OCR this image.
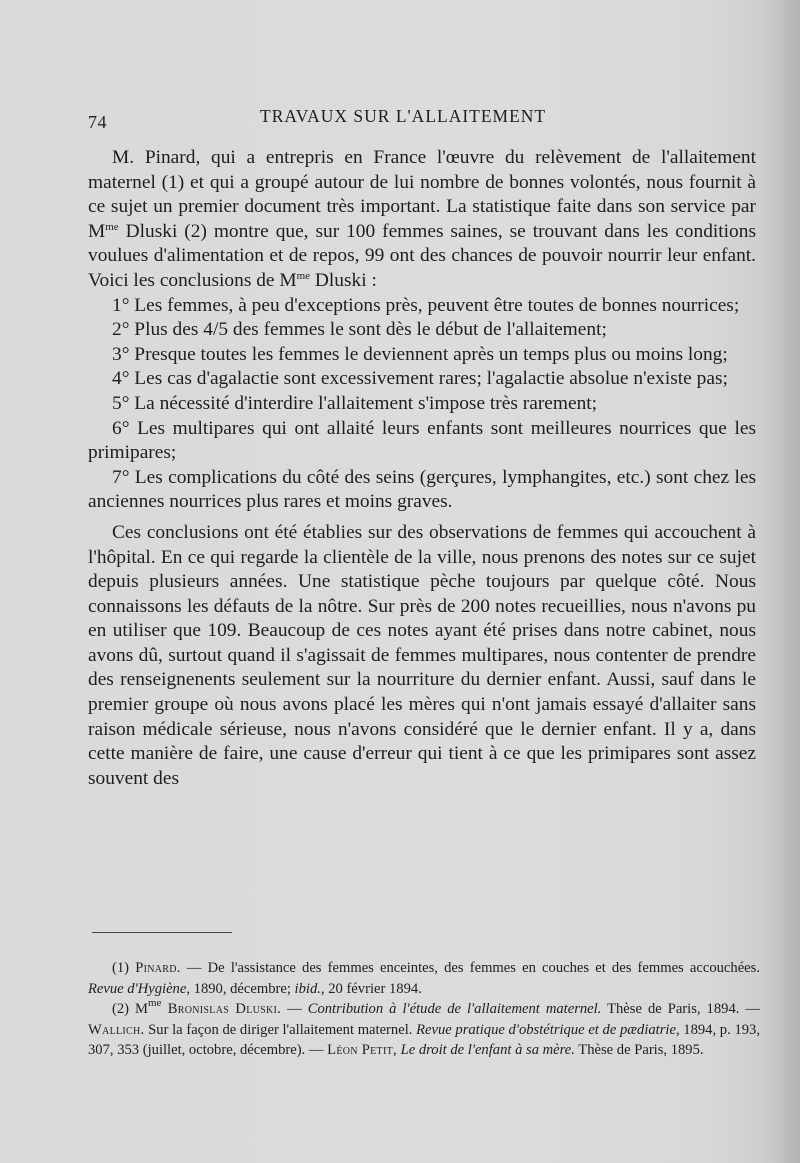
74	TRAVAUX SUR L'ALLAITEMENT

M. Pinard, qui a entrepris en France l'œuvre du relèvement de l'allaitement maternel (1) et qui a groupé autour de lui nombre de bonnes volontés, nous fournit à ce sujet un premier document très important. La statistique faite dans son service par $M^{me}$ Dluski (2) montre que, sur 100 femmes saines, se trouvant dans les conditions voulues d'alimentation et de repos, 99 ont des chances de pouvoir nourrir leur enfant. Voici les conclusions de $M^{me}$ Dluski :

1° Les femmes, à peu d'exceptions près, peuvent être toutes de bonnes nourrices;

2° Plus des 4/5 des femmes le sont dès le début de l'allaitement;

3° Presque toutes les femmes le deviennent après un temps plus ou moins long;

4° Les cas d'agalactie sont excessivement rares; l'agalactie absolue n'existe pas;

5° La nécessité d'interdire l'allaitement s'impose très rarement;

6° Les multipares qui ont allaité leurs enfants sont meilleures nourrices que les primipares;

7° Les complications du côté des seins (gerçures, lymphangites, etc.) sont chez les anciennes nourrices plus rares et moins graves.

Ces conclusions ont été établies sur des observations de femmes qui accouchent à l'hôpital. En ce qui regarde la clientèle de la ville, nous prenons des notes sur ce sujet depuis plusieurs années. Une statistique pèche toujours par quelque côté. Nous connaissons les défauts de la nôtre. Sur près de 200 notes recueillies, nous n'avons pu en utiliser que 109. Beaucoup de ces notes ayant été prises dans notre cabinet, nous avons dû, surtout quand il s'agissait de femmes multipares, nous contenter de prendre des renseignenents seulement sur la nourriture du dernier enfant. Aussi, sauf dans le premier groupe où nous avons placé les mères qui n'ont jamais essayé d'allaiter sans raison médicale sérieuse, nous n'avons considéré que le dernier enfant. Il y a, dans cette manière de faire, une cause d'erreur qui tient à ce que les primipares sont assez souvent des

(1) Pinard. — De l'assistance des femmes enceintes, des femmes en couches et des femmes accouchées. Revue d'Hygiène, 1890, décembre; ibid., 20 février 1894.

(2) $M^{me}$ Bronislas Dluski. — Contribution à l'étude de l'allaitement maternel. Thèse de Paris, 1894. — Wallich. Sur la façon de diriger l'allaitement maternel. Revue pratique d'obstétrique et de pædiatrie, 1894, p. 193, 307, 353 (juillet, octobre, décembre). — Léon Petit, Le droit de l'enfant à sa mère. Thèse de Paris, 1895.
